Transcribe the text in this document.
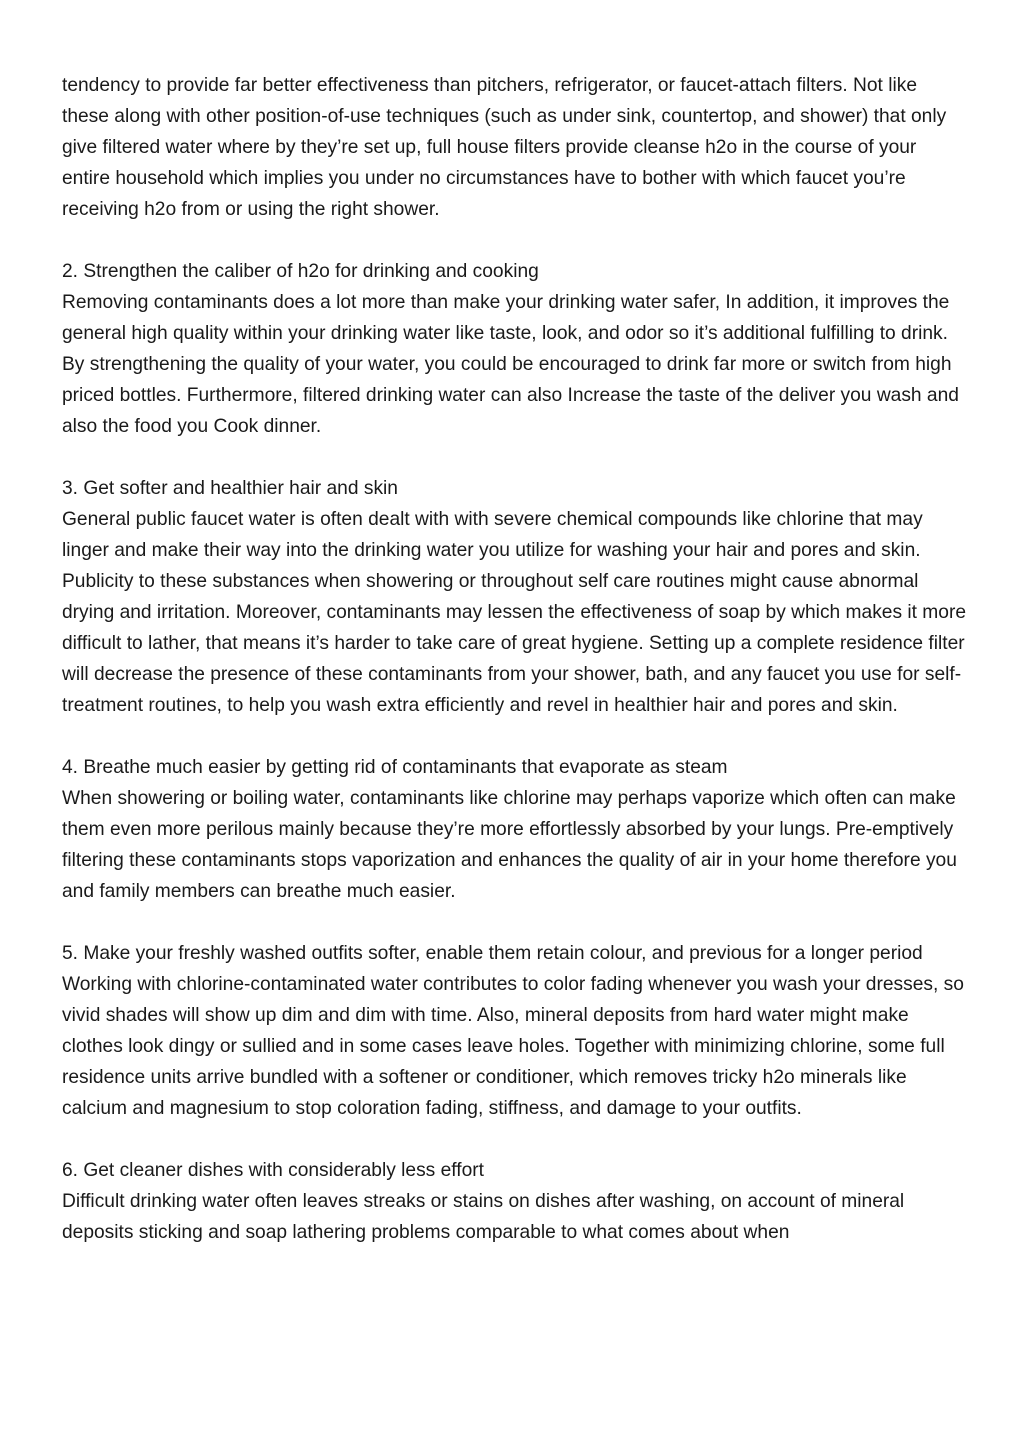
tendency to provide far better effectiveness than pitchers, refrigerator, or faucet-attach filters. Not like these along with other position-of-use techniques (such as under sink, countertop, and shower) that only give filtered water where by they’re set up, full house filters provide cleanse h2o in the course of your entire household which implies you under no circumstances have to bother with which faucet you’re receiving h2o from or using the right shower.

2. Strengthen the caliber of h2o for drinking and cooking

Removing contaminants does a lot more than make your drinking water safer, In addition, it improves the general high quality within your drinking water like taste, look, and odor so it’s additional fulfilling to drink. By strengthening the quality of your water, you could be encouraged to drink far more or switch from high priced bottles. Furthermore, filtered drinking water can also Increase the taste of the deliver you wash and also the food you Cook dinner.

3. Get softer and healthier hair and skin

General public faucet water is often dealt with with severe chemical compounds like chlorine that may linger and make their way into the drinking water you utilize for washing your hair and pores and skin. Publicity to these substances when showering or throughout self care routines might cause abnormal drying and irritation. Moreover, contaminants may lessen the effectiveness of soap by which makes it more difficult to lather, that means it’s harder to take care of great hygiene. Setting up a complete residence filter will decrease the presence of these contaminants from your shower, bath, and any faucet you use for self-treatment routines, to help you wash extra efficiently and revel in healthier hair and pores and skin.

4. Breathe much easier by getting rid of contaminants that evaporate as steam

When showering or boiling water, contaminants like chlorine may perhaps vaporize which often can make them even more perilous mainly because they’re more effortlessly absorbed by your lungs. Pre-emptively filtering these contaminants stops vaporization and enhances the quality of air in your home therefore you and family members can breathe much easier.

5. Make your freshly washed outfits softer, enable them retain colour, and previous for a longer period

Working with chlorine-contaminated water contributes to color fading whenever you wash your dresses, so vivid shades will show up dim and dim with time. Also, mineral deposits from hard water might make clothes look dingy or sullied and in some cases leave holes. Together with minimizing chlorine, some full residence units arrive bundled with a softener or conditioner, which removes tricky h2o minerals like calcium and magnesium to stop coloration fading, stiffness, and damage to your outfits.

6. Get cleaner dishes with considerably less effort

Difficult drinking water often leaves streaks or stains on dishes after washing, on account of mineral deposits sticking and soap lathering problems comparable to what comes about when
